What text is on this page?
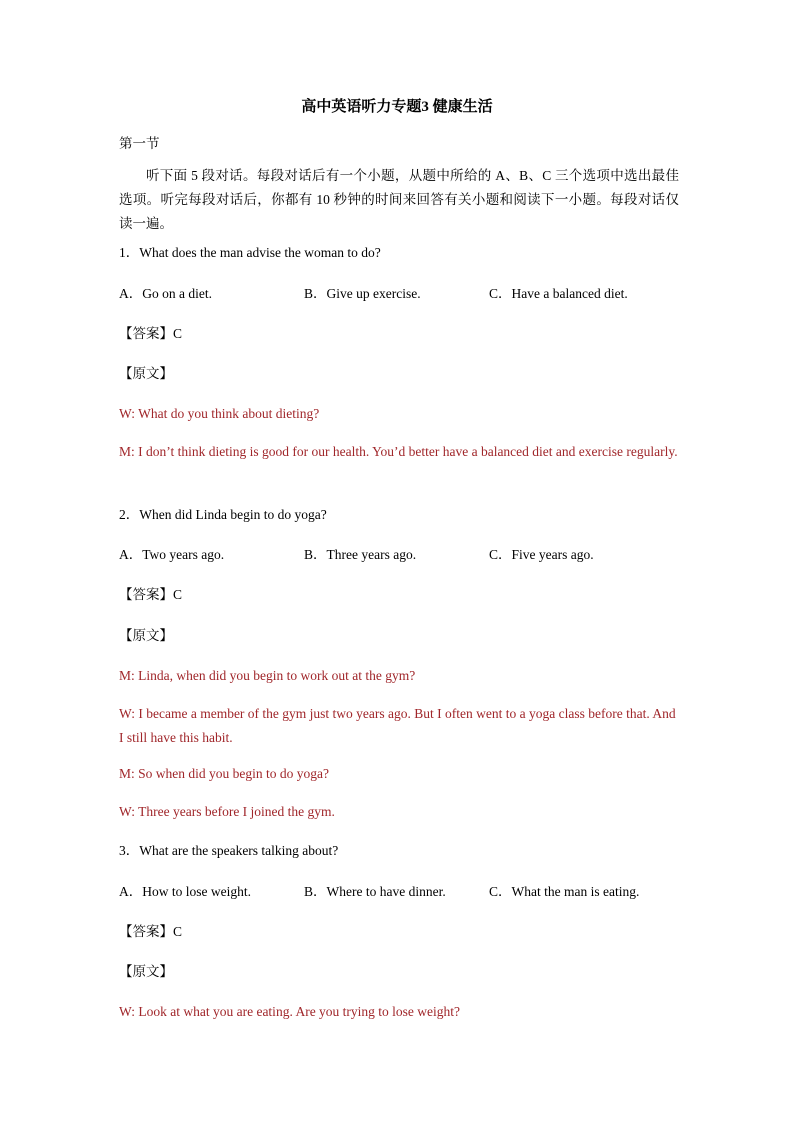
高中英语听力专题3 健康生活
第一节
听下面 5 段对话。每段对话后有一个小题，从题中所给的 A、B、C 三个选项中选出最佳选项。听完每段对话后，你都有 10 秒钟的时间来回答有关小题和阅读下一小题。每段对话仅读一遍。
1．What does the man advise the woman to do?
A．Go on a diet.	B．Give up exercise.	C．Have a balanced diet.
【答案】C
【原文】
W: What do you think about dieting?
M: I don’t think dieting is good for our health. You’d better have a balanced diet and exercise regularly.
2．When did Linda begin to do yoga?
A．Two years ago.	B．Three years ago.	C．Five years ago.
【答案】C
【原文】
M: Linda, when did you begin to work out at the gym?
W: I became a member of the gym just two years ago. But I often went to a yoga class before that. And I still have this habit.
M: So when did you begin to do yoga?
W: Three years before I joined the gym.
3．What are the speakers talking about?
A．How to lose weight.	B．Where to have dinner.	C．What the man is eating.
【答案】C
【原文】
W: Look at what you are eating. Are you trying to lose weight?
